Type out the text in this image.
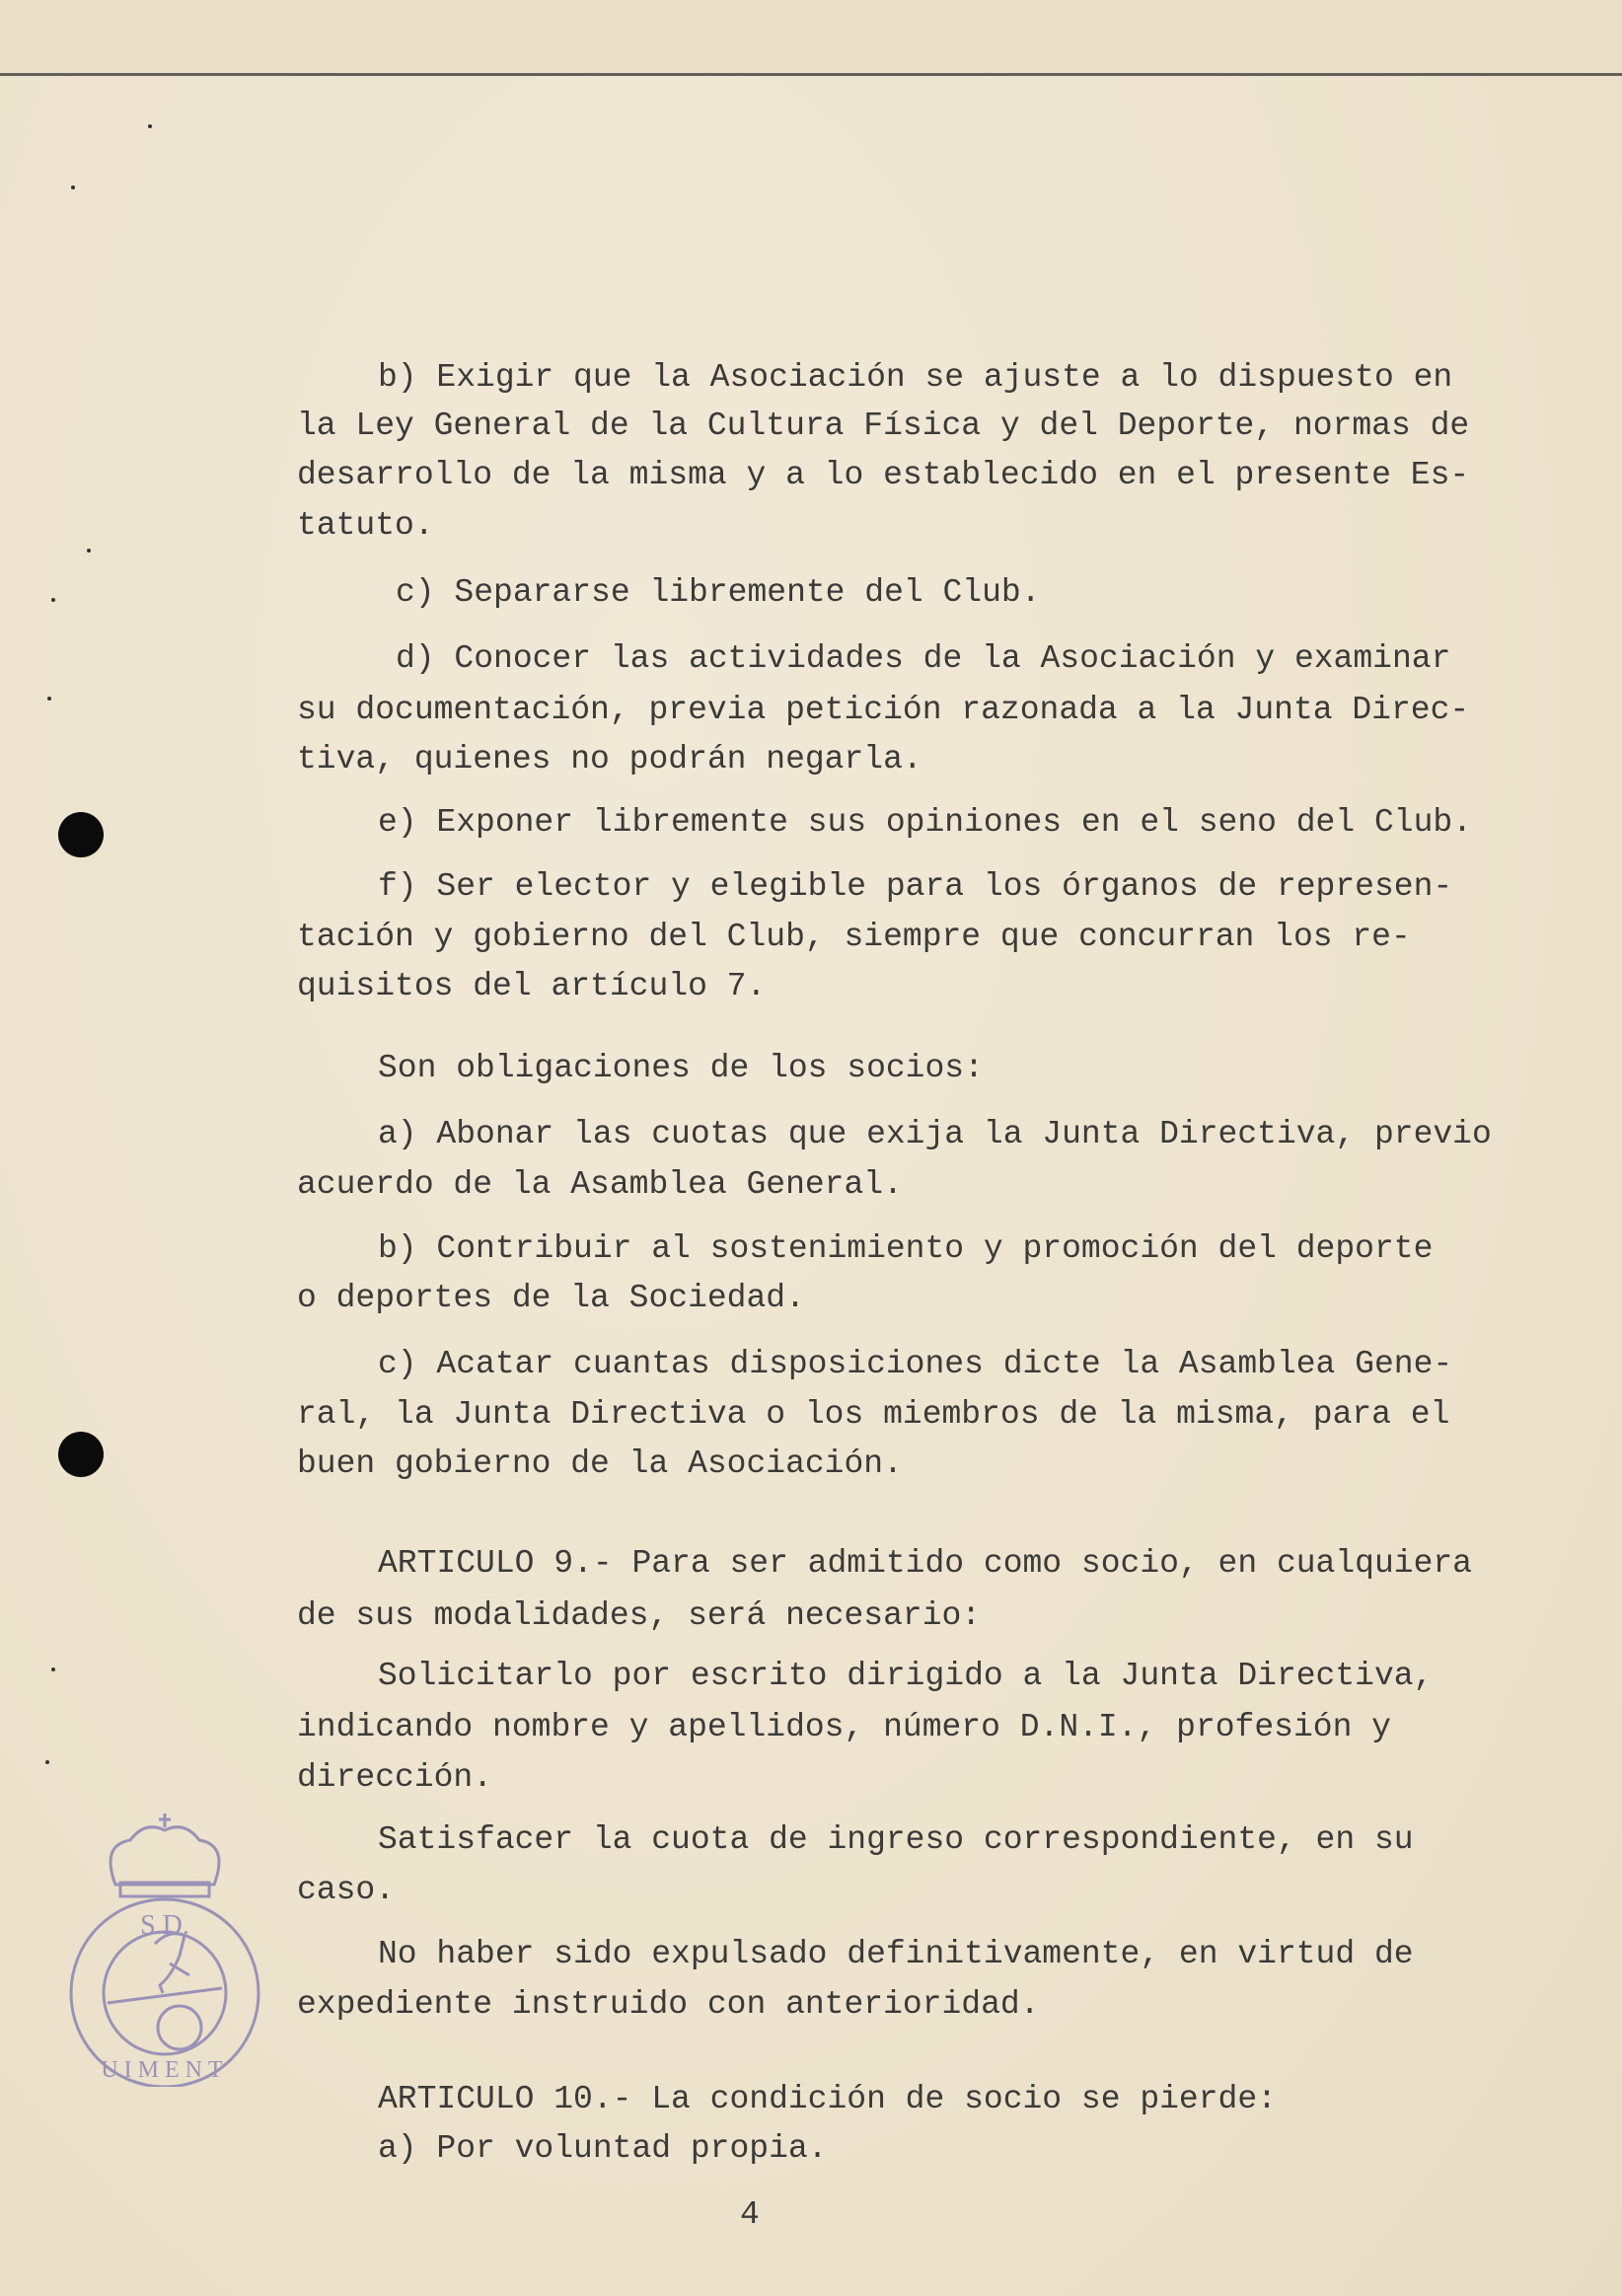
b) Exigir que la Asociación se ajuste a lo dispuesto en
la Ley General de la Cultura Física y del Deporte, normas de
desarrollo de la misma y a lo establecido en el presente Es-
tatuto.
c) Separarse libremente del Club.
d) Conocer las actividades de la Asociación y examinar
su documentación, previa petición razonada a la Junta Direc-
tiva, quienes no podrán negarla.
e) Exponer libremente sus opiniones en el seno del Club.
f) Ser elector y elegible para los órganos de represen-
tación y gobierno del Club, siempre que concurran los re-
quisitos del artículo 7.
Son obligaciones de los socios:
a) Abonar las cuotas que exija la Junta Directiva, previo
acuerdo de la Asamblea General.
b) Contribuir al sostenimiento y promoción del deporte
o deportes de la Sociedad.
c) Acatar cuantas disposiciones dicte la Asamblea Gene-
ral, la Junta Directiva o los miembros de la misma, para el
buen gobierno de la Asociación.
ARTICULO 9.- Para ser admitido como socio, en cualquiera
de sus modalidades, será necesario:
Solicitarlo por escrito dirigido a la Junta Directiva,
indicando nombre y apellidos, número D.N.I., profesión y
dirección.
Satisfacer la cuota de ingreso correspondiente, en su
caso.
No haber sido expulsado definitivamente, en virtud de
expediente instruido con anterioridad.
ARTICULO 10.- La condición de socio se pierde:
a) Por voluntad propia.
4
S.D.
UIMENT
